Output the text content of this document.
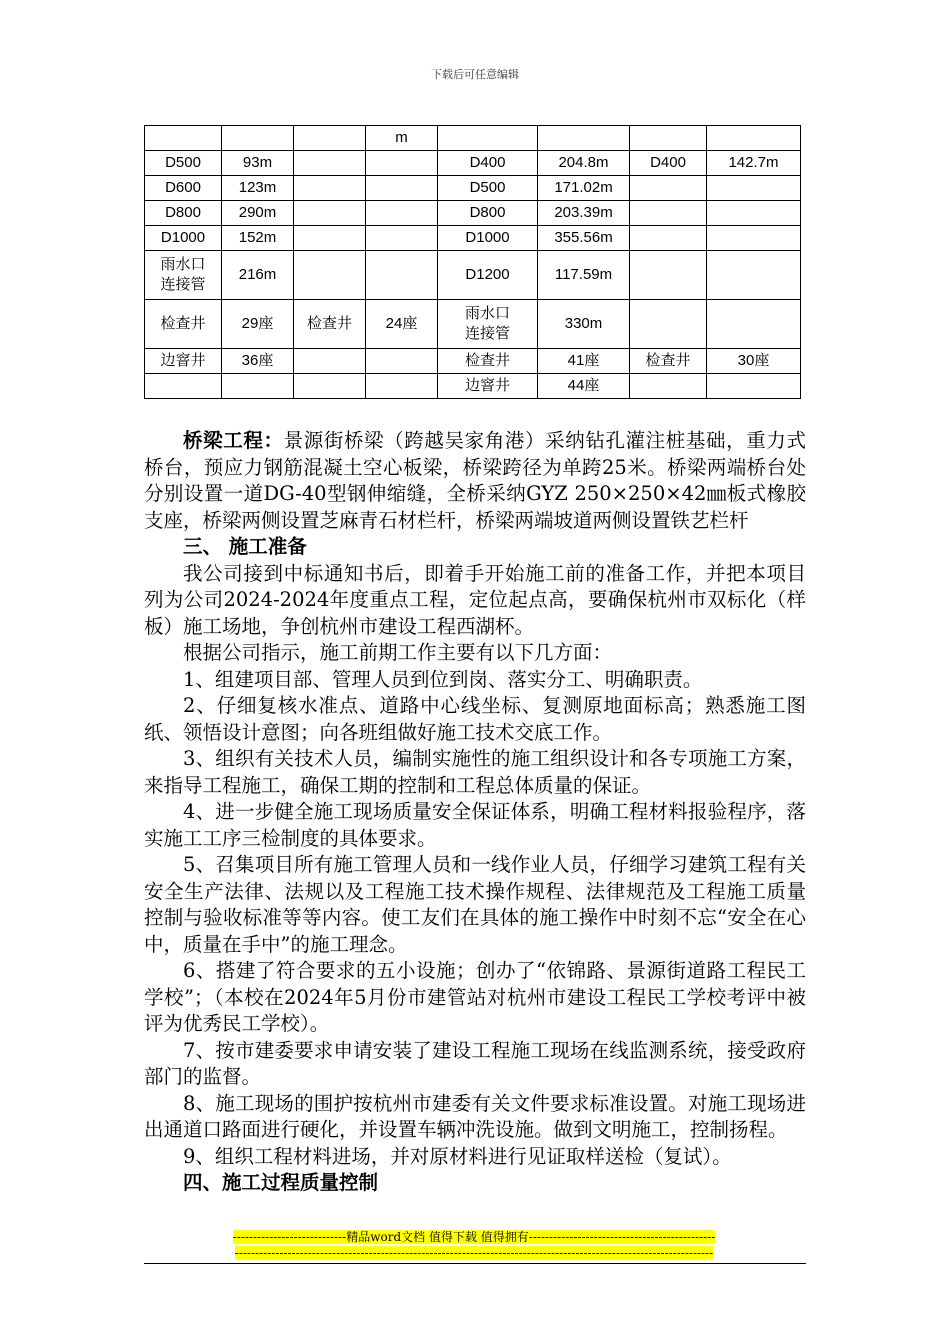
下载后可任意编辑
			m				
D500	93m			D400	204.8m	D400	142.7m
D600	123m			D500	171.02m		
D800	290m			D800	203.39m		
D1000	152m			D1000	355.56m		
雨水口
连接管	216m			D1200	117.59m		
检查井	29座	检查井	24座	雨水口
连接管	330m		
边窨井	36座			检查井	41座	检查井	30座
				边窨井	44座		

桥梁工程：景源街桥梁（跨越吴家角港）采纳钻孔灌注桩基础，重力式桥台，预应力钢筋混凝土空心板梁，桥梁跨径为单跨25米。桥梁两端桥台处分别设置一道DG-40型钢伸缩缝，全桥采纳GYZ 250×250×42㎜板式橡胶支座，桥梁两侧设置芝麻青石材栏杆，桥梁两端坡道两侧设置铁艺栏杆

三、 施工准备

我公司接到中标通知书后，即着手开始施工前的准备工作，并把本项目列为公司2024-2024年度重点工程，定位起点高，要确保杭州市双标化（样板）施工场地，争创杭州市建设工程西湖杯。

根据公司指示，施工前期工作主要有以下几方面：

1、组建项目部、管理人员到位到岗、落实分工、明确职责。

2、仔细复核水准点、道路中心线坐标、复测原地面标高；熟悉施工图纸、领悟设计意图；向各班组做好施工技术交底工作。

3、组织有关技术人员，编制实施性的施工组织设计和各专项施工方案，来指导工程施工，确保工期的控制和工程总体质量的保证。

4、进一步健全施工现场质量安全保证体系，明确工程材料报验程序，落实施工工序三检制度的具体要求。

5、召集项目所有施工管理人员和一线作业人员，仔细学习建筑工程有关安全生产法律、法规以及工程施工技术操作规程、法律规范及工程施工质量控制与验收标准等等内容。使工友们在具体的施工操作中时刻不忘“安全在心中，质量在手中”的施工理念。

6、搭建了符合要求的五小设施；创办了“依锦路、景源街道路工程民工学校”；（本校在2024年5月份市建管站对杭州市建设工程民工学校考评中被评为优秀民工学校）。

7、按市建委要求申请安装了建设工程施工现场在线监测系统，接受政府部门的监督。

8、施工现场的围护按杭州市建委有关文件要求标准设置。对施工现场进出通道口路面进行硬化，并设置车辆冲洗设施。做到文明施工，控制扬程。

9、组织工程材料进场，并对原材料进行见证取样送检（复试）。

四、施工过程质量控制

----------------------------精品word文档 值得下载 值得拥有----------------------------------------------
----------------------------------------------------------------------------------------------------------------------
